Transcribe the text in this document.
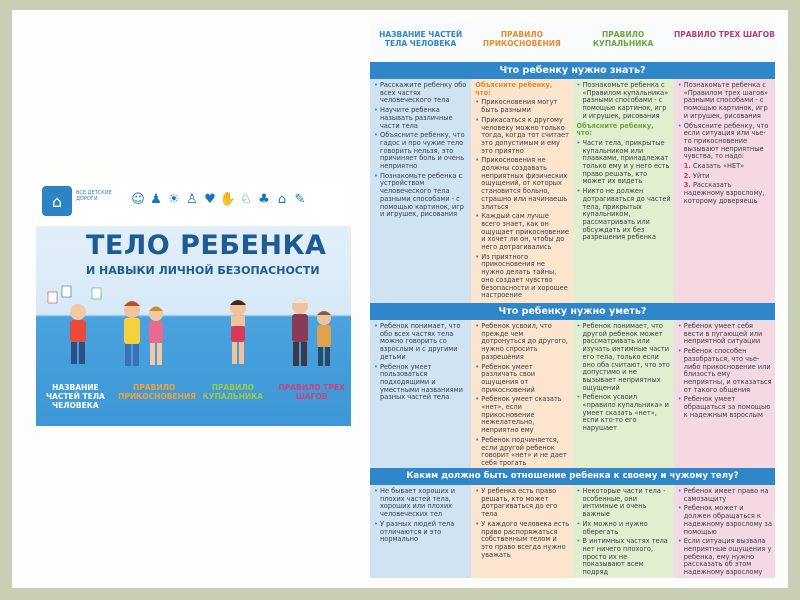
⌂	ВСЕ ДЕТСКИЕ ДОРОГИ	☺ ♟ ☀ ♙ ♥ ✋ ♘ ♣ ⌂ ✎
ТЕЛО РЕБЕНКА
И НАВЫКИ ЛИЧНОЙ БЕЗОПАСНОСТИ
НАЗВАНИЕ ЧАСТЕЙ ТЕЛА ЧЕЛОВЕКА
ПРАВИЛО ПРИКОСНОВЕНИЯ
ПРАВИЛО КУПАЛЬНИКА
ПРАВИЛО ТРЕХ ШАГОВ
НАЗВАНИЕ ЧАСТЕЙ ТЕЛА ЧЕЛОВЕКА
ПРАВИЛО ПРИКОСНОВЕНИЯ
ПРАВИЛО КУПАЛЬНИКА
ПРАВИЛО ТРЕХ ШАГОВ
Что ребенку нужно знать?
• Расскажите ребенку обо всех частях человеческого тела
• Научите ребенка называть различные части тела
• Объясните ребенку, что гадос и про чужие тело говорить нельзя, это причиняет боль и очень неприятно
• Познакомьте ребенка с устройством человеческого тела разными способами - с помощью картинок, игр и игрушек, рисования
Объясните ребенку, что:
• Прикосновения могут быть разными
• Прикасаться к другому человеку можно только тогда, когда тот считает это допустимым и ему это приятно
• Прикосновения не должны создавать неприятных физических ощущений, от которых становится больно, страшно или начинаешь злиться
• Каждый сам лучше всего знает, как он ощущает прикосновение и хочет ли он, чтобы до него дотрагивались
• Из приятного прикосновения не нужно делать тайны, оно создает чувство безопасности и хорошее настроение
• Познакомьте ребенка с «Правилом купальника» разными способами - с помощью картинок, игр и игрушек, рисования
Объясните ребенку, что:
• Части тела, прикрытые купальником или плавками, принадлежат только ему и у него есть право решать, кто может их видеть
• Никто не должен дотрагиваться до частей тела, прикрытых купальником, рассматривать или обсуждать их без разрешения ребенка
• Познакомьте ребенка с «Правилом трех шагов» разными способами - с помощью картинок, игр и игрушек, рисования
• Объясните ребенку, что если ситуация или чье-то прикосновение вызывают неприятные чувства, то надо:
1. Сказать «НЕТ»
2. Уйти
3. Рассказать надежному взрослому, которому доверяешь
Что ребенку нужно уметь?
• Ребенок понимает, что обо всех частях тела можно говорить со взрослым и с другими детьми
• Ребенок умеет пользоваться подходящими и уместными названиями разных частей тела
• Ребенок усвоил, что прежде чем дотронуться до другого, нужно спросить разрешения
• Ребенок умеет различать свои ощущения от прикосновений
• Ребенок умеет сказать «нет», если прикосновение нежелательно, неприятно ему
• Ребенок подчиняется, если другой ребенок говорит «нет» и не дает себя трогать
• Ребенок понимает, что другой ребенок может рассматривать или изучать интимные части его тела, только если оно оба считают, что это допустимо и не вызывает неприятных ощущений
• Ребенок усвоил «правило купальника» и умеет сказать «нет», если кто-то его нарушает
• Ребенок умеет себя вести в пугающей или неприятной ситуации
• Ребенок способен разобраться, что чье-либо прикосновение или близость ему неприятны, и отказаться от такого общения
• Ребенок умеет обращаться за помощью к надежным взрослым
Каким должно быть отношение ребенка к своему и чужому телу?
• Не бывает хороших и плохих частей тела, хороших или плохих человеческих тел
• У разных людей тела отличаются и это нормально
• У ребенка есть право решать, кто может дотрагиваться до его тела
• У каждого человека есть право распоряжаться собственным телом и это право всегда нужно уважать
• Некоторые части тела - особенные, они интимные и очень важные
• Их можно и нужно оберегать
• В интимных частях тела нет ничего плохого, просто их не показывают всем подряд
• Ребенок имеет право на самозащиту
• Ребенок может и должен обращаться к надежному взрослому за помощью
• Если ситуация вызвала неприятные ощущения у ребенка, ему нужно рассказать об этом надежному взрослому
